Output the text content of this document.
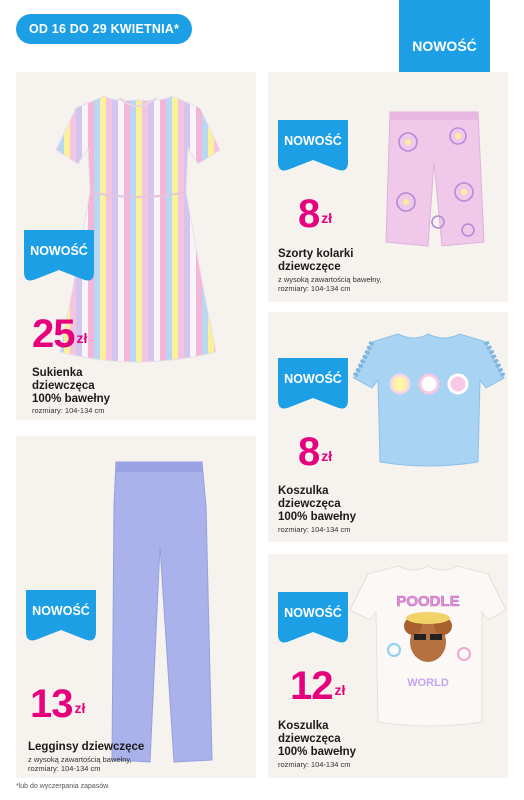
OD 16 DO 29 KWIETNIA*
NOWOŚĆ
NOWOŚĆ
25 zł
Sukienka
dziewczęca
100% bawełny
rozmiary: 104-134 cm
NOWOŚĆ
8 zł
Szorty kolarki
dziewczęce
z wysoką zawartością bawełny,
rozmiary: 104-134 cm
NOWOŚĆ
8 zł
Koszulka
dziewczęca
100% bawełny
rozmiary: 104-134 cm
NOWOŚĆ
13 zł
Legginsy dziewczęce
z wysoką zawartością bawełny,
rozmiary: 104-134 cm
POODLE
WORLD
NOWOŚĆ
12 zł
Koszulka
dziewczęca
100% bawełny
rozmiary: 104-134 cm
*lub do wyczerpania zapasów.
